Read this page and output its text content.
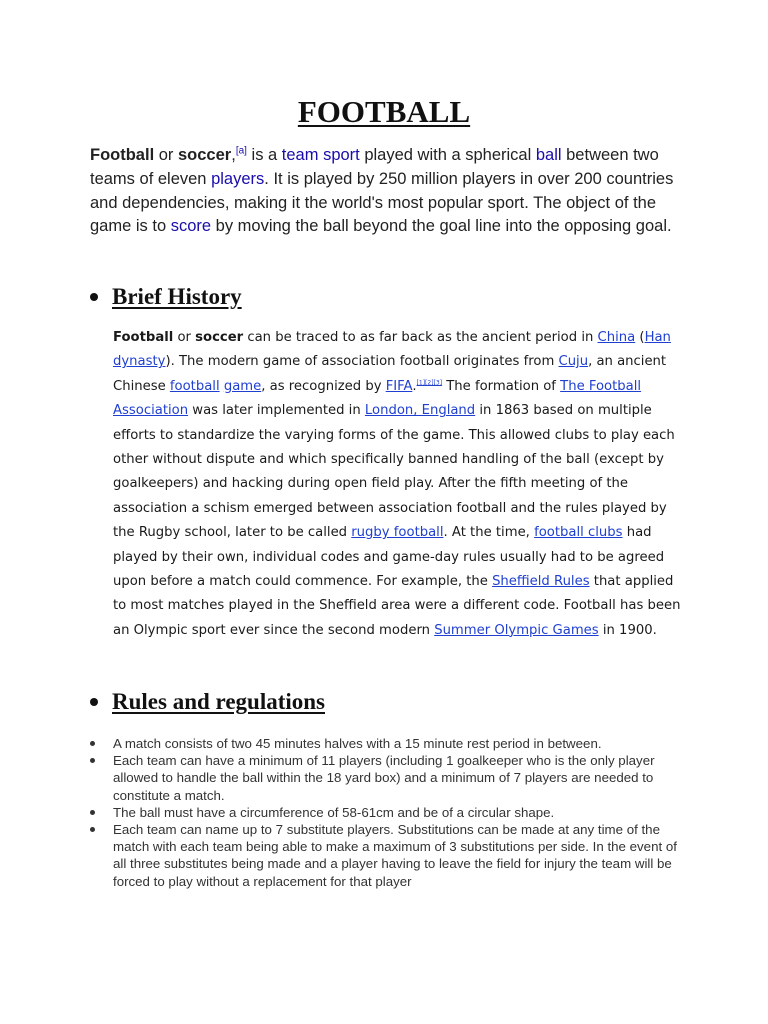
FOOTBALL

Football or soccer,[a] is a team sport played with a spherical ball between two teams of eleven players. It is played by 250 million players in over 200 countries and dependencies, making it the world's most popular sport. The object of the game is to score by moving the ball beyond the goal line into the opposing goal.

Brief History

Football or soccer can be traced to as far back as the ancient period in China (Han dynasty). The modern game of association football originates from Cuju, an ancient Chinese football game, as recognized by FIFA.[1][2][3] The formation of The Football Association was later implemented in London, England in 1863 based on multiple efforts to standardize the varying forms of the game. This allowed clubs to play each other without dispute and which specifically banned handling of the ball (except by goalkeepers) and hacking during open field play. After the fifth meeting of the association a schism emerged between association football and the rules played by the Rugby school, later to be called rugby football. At the time, football clubs had played by their own, individual codes and game-day rules usually had to be agreed upon before a match could commence. For example, the Sheffield Rules that applied to most matches played in the Sheffield area were a different code. Football has been an Olympic sport ever since the second modern Summer Olympic Games in 1900.

Rules and regulations
A match consists of two 45 minutes halves with a 15 minute rest period in between.
Each team can have a minimum of 11 players (including 1 goalkeeper who is the only player allowed to handle the ball within the 18 yard box) and a minimum of 7 players are needed to constitute a match.
The ball must have a circumference of 58-61cm and be of a circular shape.
Each team can name up to 7 substitute players. Substitutions can be made at any time of the match with each team being able to make a maximum of 3 substitutions per side. In the event of all three substitutes being made and a player having to leave the field for injury the team will be forced to play without a replacement for that player
